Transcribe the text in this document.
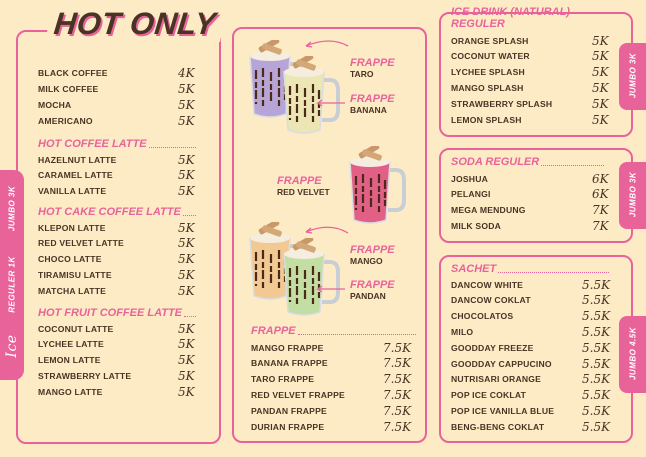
HOT ONLY
JUMBO 3K
REGULER 1K
Ice
FRAPPE
TARO
FRAPPE
BANANA
FRAPPE
RED VELVET
FRAPPE
MANGO
FRAPPE
PANDAN
JUMBO 3K
JUMBO 3K
JUMBO 4.5K
BLACK COFFEE	4K
MILK COFFEE	5K
MOCHA	5K
AMERICANO	5K
HOT COFFEE LATTE
HAZELNUT LATTE	5K
CARAMEL LATTE	5K
VANILLA LATTE	5K
HOT CAKE COFFEE LATTE
KLEPON LATTE	5K
RED VELVET LATTE	5K
CHOCO LATTE	5K
TIRAMISU LATTE	5K
MATCHA LATTE	5K
HOT FRUIT COFFEE LATTE
COCONUT LATTE	5K
LYCHEE LATTE	5K
LEMON LATTE	5K
STRAWBERRY LATTE	5K
MANGO LATTE	5K
FRAPPE
MANGO FRAPPE	7.5K
BANANA FRAPPE	7.5K
TARO FRAPPE	7.5K
RED VELVET FRAPPE	7.5K
PANDAN FRAPPE	7.5K
DURIAN FRAPPE	7.5K
ICE DRINK (NATURAL) REGULER
ORANGE SPLASH	5K
COCONUT WATER	5K
LYCHEE SPLASH	5K
MANGO SPLASH	5K
STRAWBERRY SPLASH	5K
LEMON SPLASH	5K
SODA REGULER
JOSHUA	6K
PELANGI	6K
MEGA MENDUNG	7K
MILK SODA	7K
SACHET
DANCOW WHITE	5.5K
DANCOW COKLAT	5.5K
CHOCOLATOS	5.5K
MILO	5.5K
GOODDAY FREEZE	5.5K
GOODDAY CAPPUCINO	5.5K
NUTRISARI ORANGE	5.5K
POP ICE COKLAT	5.5K
POP ICE VANILLA BLUE 5.5K
BENG-BENG COKLAT	5.5K
